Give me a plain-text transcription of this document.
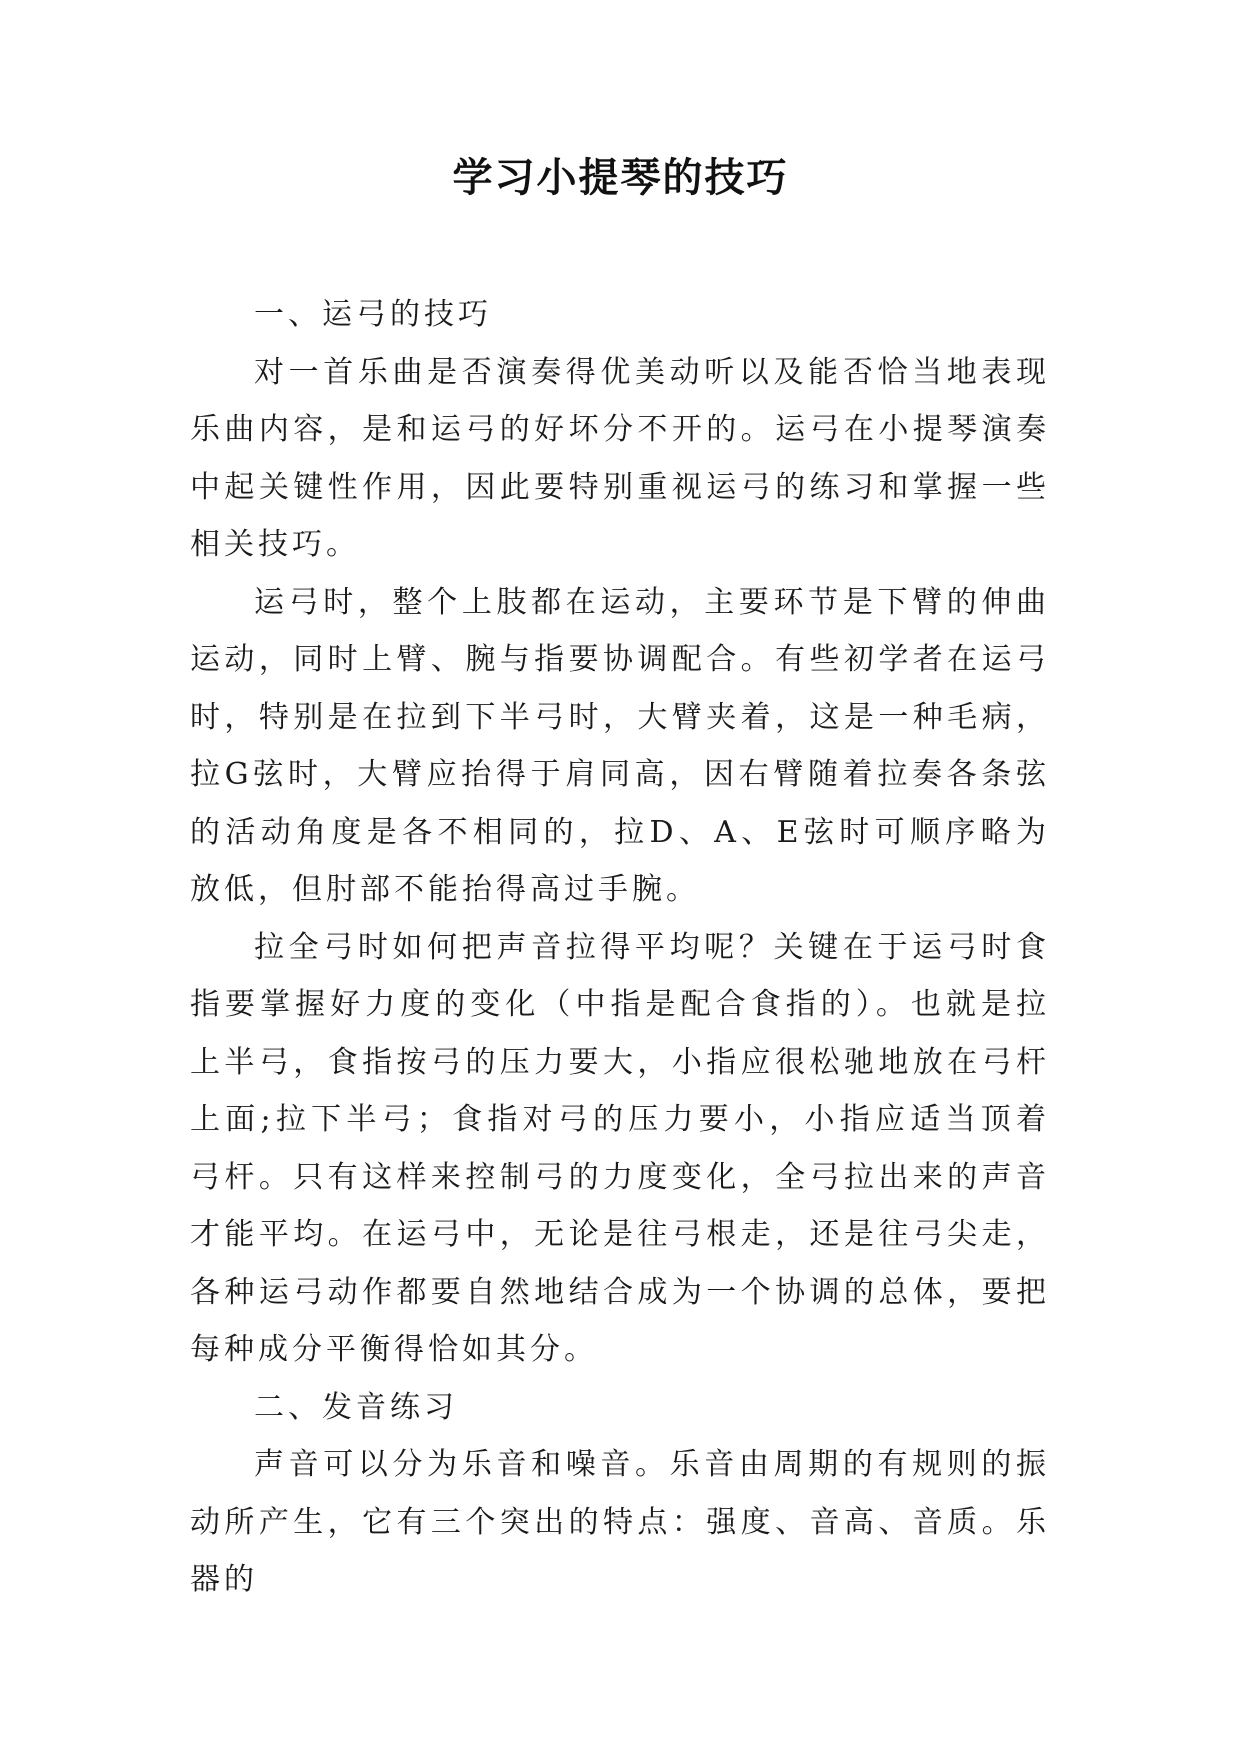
学习小提琴的技巧

一、运弓的技巧

对一首乐曲是否演奏得优美动听以及能否恰当地表现乐曲内容，是和运弓的好坏分不开的。运弓在小提琴演奏中起关键性作用，因此要特别重视运弓的练习和掌握一些相关技巧。

运弓时，整个上肢都在运动，主要环节是下臂的伸曲运动，同时上臂、腕与指要协调配合。有些初学者在运弓时，特别是在拉到下半弓时，大臂夹着，这是一种毛病，拉G弦时，大臂应抬得于肩同高，因右臂随着拉奏各条弦的活动角度是各不相同的，拉D、A、E弦时可顺序略为放低，但肘部不能抬得高过手腕。

拉全弓时如何把声音拉得平均呢？关键在于运弓时食指要掌握好力度的变化（中指是配合食指的）。也就是拉上半弓，食指按弓的压力要大，小指应很松驰地放在弓杆上面;拉下半弓；食指对弓的压力要小，小指应适当顶着弓杆。只有这样来控制弓的力度变化，全弓拉出来的声音才能平均。在运弓中，无论是往弓根走，还是往弓尖走，各种运弓动作都要自然地结合成为一个协调的总体，要把每种成分平衡得恰如其分。

二、发音练习

声音可以分为乐音和噪音。乐音由周期的有规则的振动所产生，它有三个突出的特点：强度、音高、音质。乐器的
